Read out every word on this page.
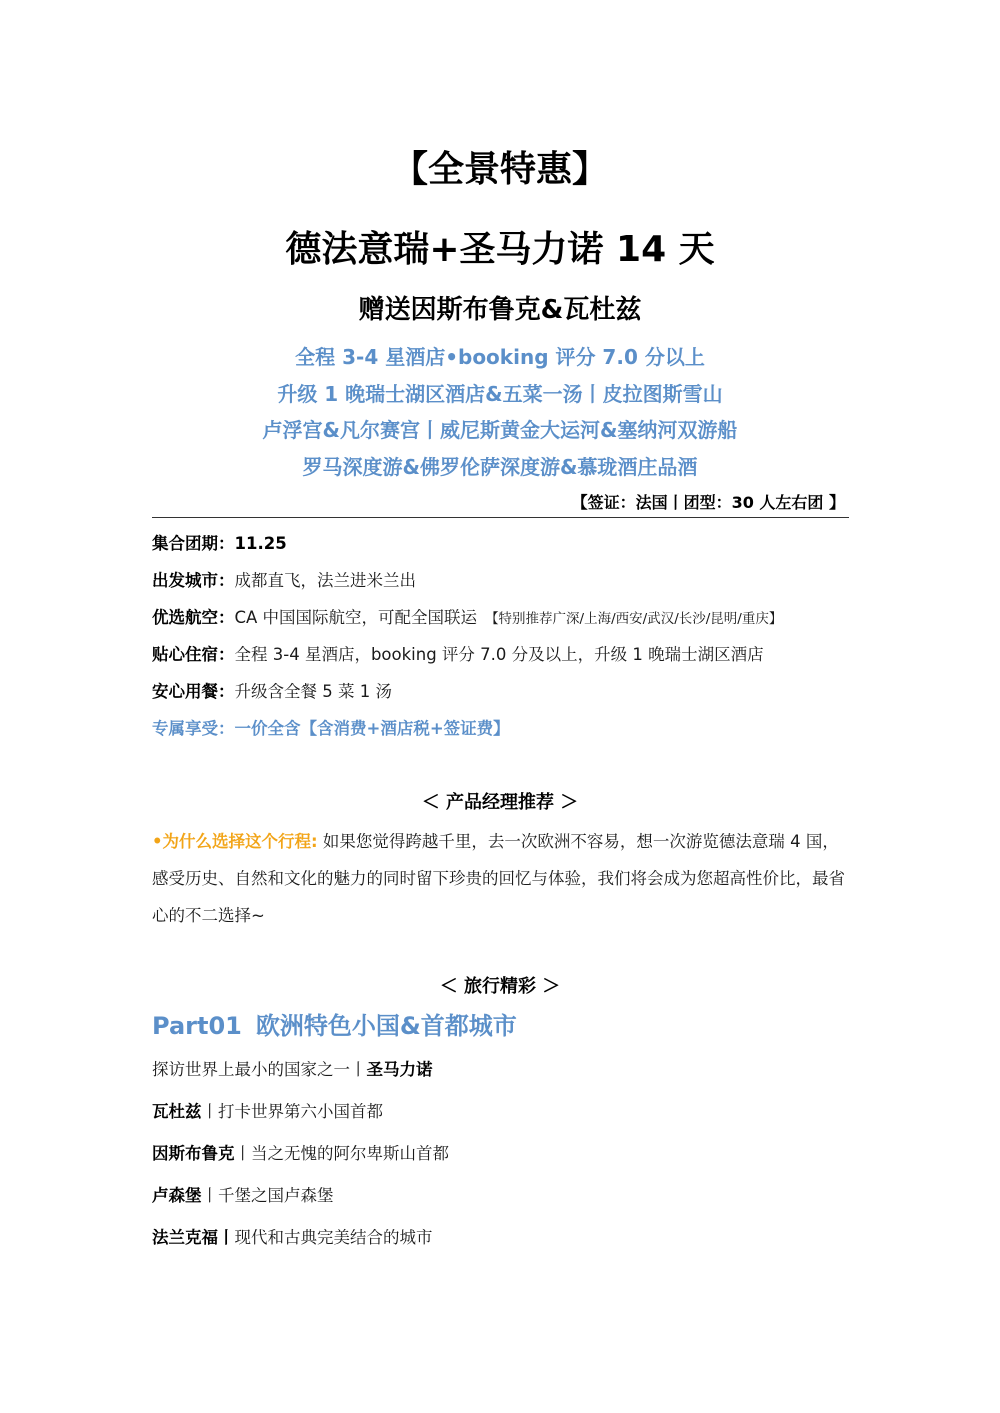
【全景特惠】
德法意瑞+圣马力诺 14 天
赠送因斯布鲁克&瓦杜兹
全程 3-4 星酒店•booking 评分 7.0 分以上
升级 1 晚瑞士湖区酒店&五菜一汤丨皮拉图斯雪山
卢浮宫&凡尔赛宫丨威尼斯黄金大运河&塞纳河双游船
罗马深度游&佛罗伦萨深度游&慕珑酒庄品酒
【签证：法国丨团型：30 人左右团 】
集合团期：11.25
出发城市：成都直飞，法兰进米兰出
优选航空：CA 中国国际航空，可配全国联运 【特别推荐广深/上海/西安/武汉/长沙/昆明/重庆】
贴心住宿：全程 3-4 星酒店，booking 评分 7.0 分及以上，升级 1 晚瑞士湖区酒店
安心用餐：升级含全餐 5 菜 1 汤
专属享受：一价全含【含消费+酒店税+签证费】
＜ 产品经理推荐 ＞
•为什么选择这个行程: 如果您觉得跨越千里，去一次欧洲不容易，想一次游览德法意瑞 4 国，感受历史、自然和文化的魅力的同时留下珍贵的回忆与体验，我们将会成为您超高性价比，最省心的不二选择~
＜ 旅行精彩 ＞
Part01 欧洲特色小国&首都城市
探访世界上最小的国家之一丨圣马力诺
瓦杜兹丨打卡世界第六小国首都
因斯布鲁克丨当之无愧的阿尔卑斯山首都
卢森堡丨千堡之国卢森堡
法兰克福丨现代和古典完美结合的城市
